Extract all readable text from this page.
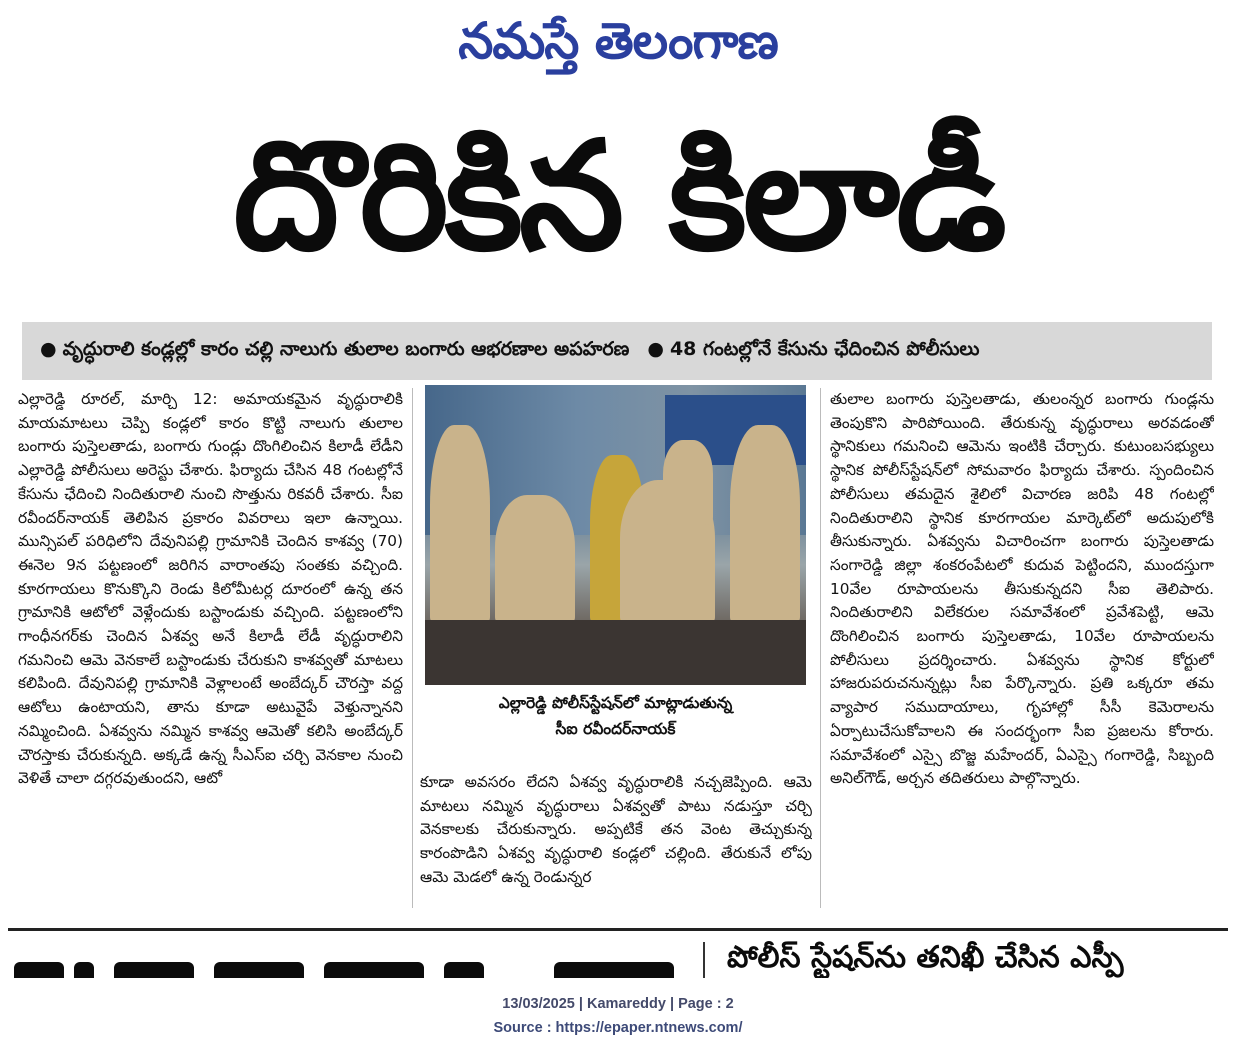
నమస్తే తెలంగాణ
దొరికిన కిలాడీ
● వృద్ధురాలి కండ్లల్లో కారం చల్లి నాలుగు తులాల బంగారు ఆభరణాల అపహరణ ● 48 గంటల్లోనే కేసును ఛేదించిన పోలీసులు
ఎల్లారెడ్డి రూరల్, మార్చి 12: అమాయకమైన వృద్ధురాలికి మాయమాటలు చెప్పి కండ్లలో కారం కొట్టి నాలుగు తులాల బంగారు పుస్తెలతాడు, బంగారు గుండ్లు దొంగిలించిన కిలాడీ లేడీని ఎల్లారెడ్డి పోలీసులు అరెస్టు చేశారు. ఫిర్యాదు చేసిన 48 గంటల్లోనే కేసును ఛేదించి నిందితురాలి నుంచి సొత్తును రికవరీ చేశారు. సీఐ రవీందర్‌నాయక్ తెలిపిన ప్రకారం వివరాలు ఇలా ఉన్నాయి. మున్సిపల్ పరిధిలోని దేవునిపల్లి గ్రామానికి చెందిన కాశవ్వ (70) ఈనెల 9న పట్టణంలో జరిగిన వారాంతపు సంతకు వచ్చింది. కూరగాయలు కొనుక్కొని రెండు కిలోమీటర్ల దూరంలో ఉన్న తన గ్రామానికి ఆటోలో వెళ్లేందుకు బస్టాండుకు వచ్చింది. పట్టణంలోని గాంధీనగర్‌కు చెందిన ఏశవ్వ అనే కిలాడీ లేడీ వృద్ధురాలిని గమనించి ఆమె వెనకాలే బస్టాండుకు చేరుకుని కాశవ్వతో మాటలు కలిపింది. దేవునిపల్లి గ్రామానికి వెళ్లాలంటే అంబేద్కర్ చౌరస్తా వద్ద ఆటోలు ఉంటాయని, తాను కూడా అటువైపే వెళ్తున్నానని నమ్మించింది. ఏశవ్వను నమ్మిన కాశవ్వ ఆమెతో కలిసి అంబేద్కర్ చౌరస్తాకు చేరుకున్నది. అక్కడే ఉన్న సీఎస్‌ఐ చర్చి వెనకాల నుంచి వెళితే చాలా దగ్గరవుతుందని, ఆటో
ఎల్లారెడ్డి పోలీస్‌స్టేషన్‌లో మాట్లాడుతున్న
సీఐ రవీందర్‌నాయక్
కూడా అవసరం లేదని ఏశవ్వ వృద్ధురాలికి నచ్చజెప్పింది. ఆమె మాటలు నమ్మిన వృద్ధురాలు ఏశవ్వతో పాటు నడుస్తూ చర్చి వెనకాలకు చేరుకున్నారు. అప్పటికే తన వెంట తెచ్చుకున్న కారంపొడిని ఏశవ్వ వృద్ధురాలి కండ్లలో చల్లింది. తేరుకునే లోపు ఆమె మెడలో ఉన్న రెండున్నర
తులాల బంగారు పుస్తెలతాడు, తులంన్నర బంగారు గుండ్లను తెంపుకొని పారిపోయింది. తేరుకున్న వృద్ధురాలు అరవడంతో స్థానికులు గమనించి ఆమెను ఇంటికి చేర్చారు. కుటుంబసభ్యులు స్థానిక పోలీస్‌స్టేషన్‌లో సోమవారం ఫిర్యాదు చేశారు. స్పందించిన పోలీసులు తమదైన శైలిలో విచారణ జరిపి 48 గంటల్లో నిందితురాలిని స్థానిక కూరగాయల మార్కెట్‌లో అదుపులోకి తీసుకున్నారు. ఏశవ్వను విచారించగా బంగారు పుస్తెలతాడు సంగారెడ్డి జిల్లా శంకరంపేటలో కుదువ పెట్టిందని, ముందస్తుగా 10వేల రూపాయలను తీసుకున్నదని సీఐ తెలిపారు. నిందితురాలిని విలేకరుల సమావేశంలో ప్రవేశపెట్టి, ఆమె దొంగిలించిన బంగారు పుస్తెలతాడు, 10వేల రూపాయలను పోలీసులు ప్రదర్శించారు. ఏశవ్వను స్థానిక కోర్టులో హాజరుపరుచనున్నట్లు సీఐ పేర్కొన్నారు. ప్రతి ఒక్కరూ తమ వ్యాపార సముదాయాలు, గృహాల్లో సీసీ కెమెరాలను ఏర్పాటుచేసుకోవాలని ఈ సందర్భంగా సీఐ ప్రజలను కోరారు. సమావేశంలో ఎస్సై బొజ్జ మహేందర్, ఏఎస్సై గంగారెడ్డి, సిబ్బంది అనిల్‌గౌడ్, అర్చన తదితరులు పాల్గొన్నారు.
పోలీస్ స్టేషన్‌ను తనిఖీ చేసిన ఎస్పీ
13/03/2025 | Kamareddy | Page : 2
Source : https://epaper.ntnews.com/
